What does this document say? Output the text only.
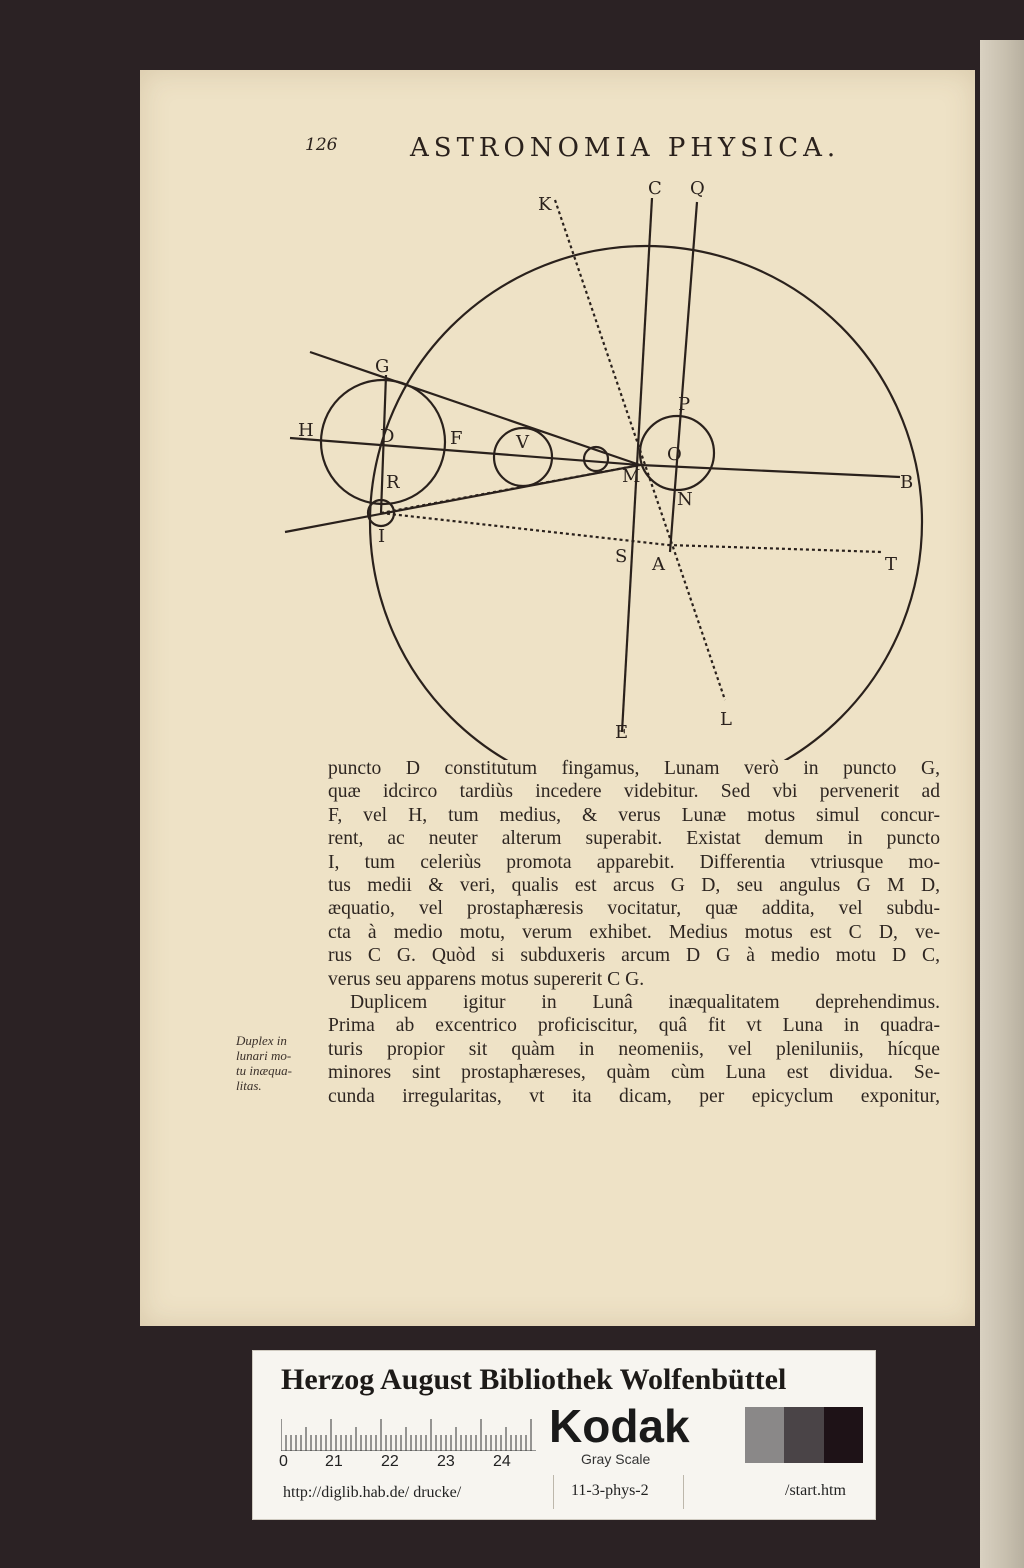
126	ASTRONOMIA PHYSICA.
K
C Q
G
P
H	D	F	V
O
M	B
R
N
I
S A	T
E
L
puncto D constitutum fingamus, Lunam verò in puncto G,
quæ idcirco tardiùs incedere videbitur. Sed vbi pervenerit ad
F, vel H, tum medius, & verus Lunæ motus simul concur-
rent, ac neuter alterum superabit. Existat demum in puncto
I, tum celeriùs promota apparebit. Differentia vtriusque mo-
tus medii & veri, qualis est arcus G D, seu angulus G M D,
æquatio, vel prostaphæresis vocitatur, quæ addita, vel subdu-
cta à medio motu, verum exhibet. Medius motus est C D, ve-
rus C G. Quòd si subduxeris arcum D G à medio motu D C,
verus seu apparens motus supererit C G.
Duplicem igitur in Lunâ inæqualitatem deprehendimus.
Prima ab excentrico proficiscitur, quâ fit vt Luna in quadra-
turis propior sit quàm in neomeniis, vel pleniluniis, hícque
minores sint prostaphæreses, quàm cùm Luna est dividua. Se-
cunda irregularitas, vt ita dicam, per epicyclum exponitur,
Duplex in
lunari mo-
tu inæqua-
litas.
Herzog August Bibliothek Wolfenbüttel
0 21 22 23 24
Kodak
Gray Scale
http://diglib.hab.de/ drucke/	11-3-phys-2	/start.htm
